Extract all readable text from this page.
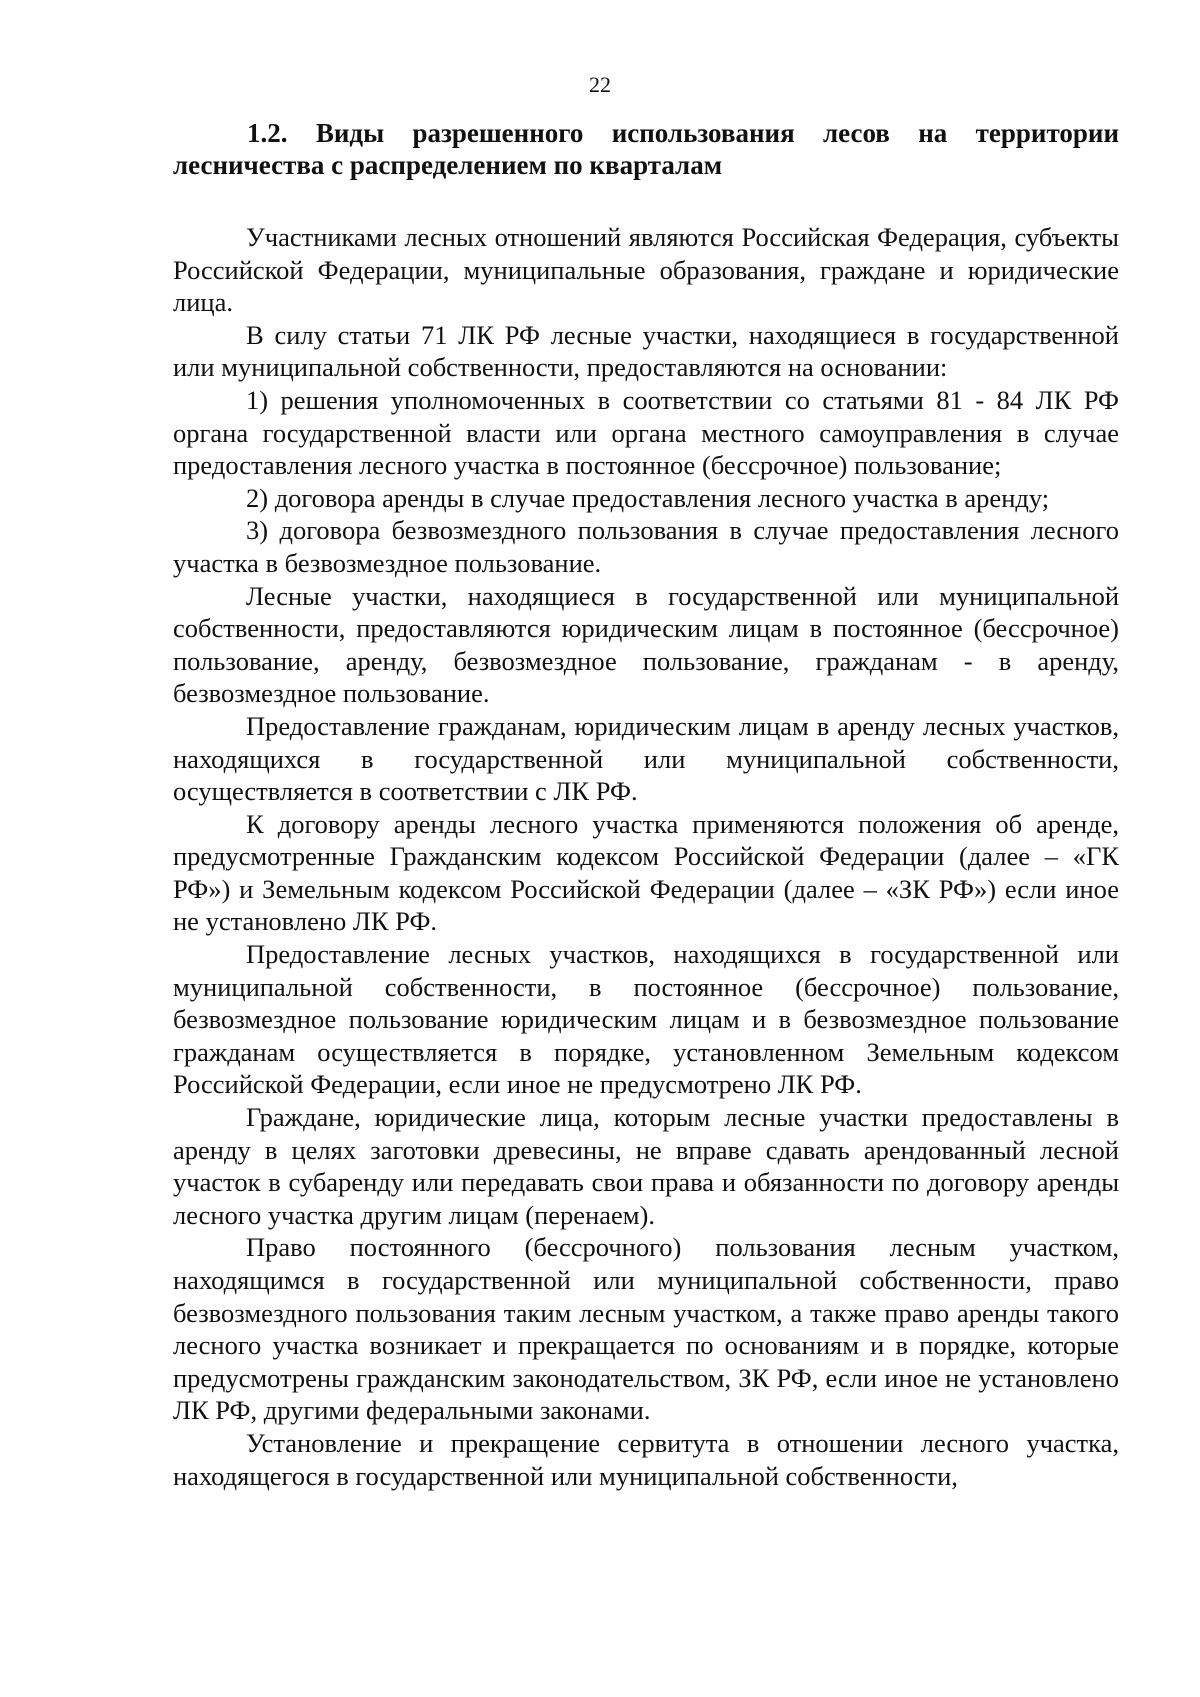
22
1.2. Виды разрешенного использования лесов на территории лесничества с распределением по кварталам

Участниками лесных отношений являются Российская Федерация, субъекты Российской Федерации, муниципальные образования, граждане и юридические лица.

В силу статьи 71 ЛК РФ лесные участки, находящиеся в государственной или муниципальной собственности, предоставляются на основании:

1) решения уполномоченных в соответствии со статьями 81 - 84 ЛК РФ органа государственной власти или органа местного самоуправления в случае предоставления лесного участка в постоянное (бессрочное) пользование;

2) договора аренды в случае предоставления лесного участка в аренду;

3) договора безвозмездного пользования в случае предоставления лесного участка в безвозмездное пользование.

Лесные участки, находящиеся в государственной или муниципальной собственности, предоставляются юридическим лицам в постоянное (бессрочное) пользование, аренду, безвозмездное пользование, гражданам - в аренду, безвозмездное пользование.

Предоставление гражданам, юридическим лицам в аренду лесных участков, находящихся в государственной или муниципальной собственности, осуществляется в соответствии с ЛК РФ.

К договору аренды лесного участка применяются положения об аренде, предусмотренные Гражданским кодексом Российской Федерации (далее – «ГК РФ») и Земельным кодексом Российской Федерации (далее – «ЗК РФ») если иное не установлено ЛК РФ.

Предоставление лесных участков, находящихся в государственной или муниципальной собственности, в постоянное (бессрочное) пользование, безвозмездное пользование юридическим лицам и в безвозмездное пользование гражданам осуществляется в порядке, установленном Земельным кодексом Российской Федерации, если иное не предусмотрено ЛК РФ.

Граждане, юридические лица, которым лесные участки предоставлены в аренду в целях заготовки древесины, не вправе сдавать арендованный лесной участок в субаренду или передавать свои права и обязанности по договору аренды лесного участка другим лицам (перенаем).

Право постоянного (бессрочного) пользования лесным участком, находящимся в государственной или муниципальной собственности, право безвозмездного пользования таким лесным участком, а также право аренды такого лесного участка возникает и прекращается по основаниям и в порядке, которые предусмотрены гражданским законодательством, ЗК РФ, если иное не установлено ЛК РФ, другими федеральными законами.

Установление и прекращение сервитута в отношении лесного участка, находящегося в государственной или муниципальной собственности,
